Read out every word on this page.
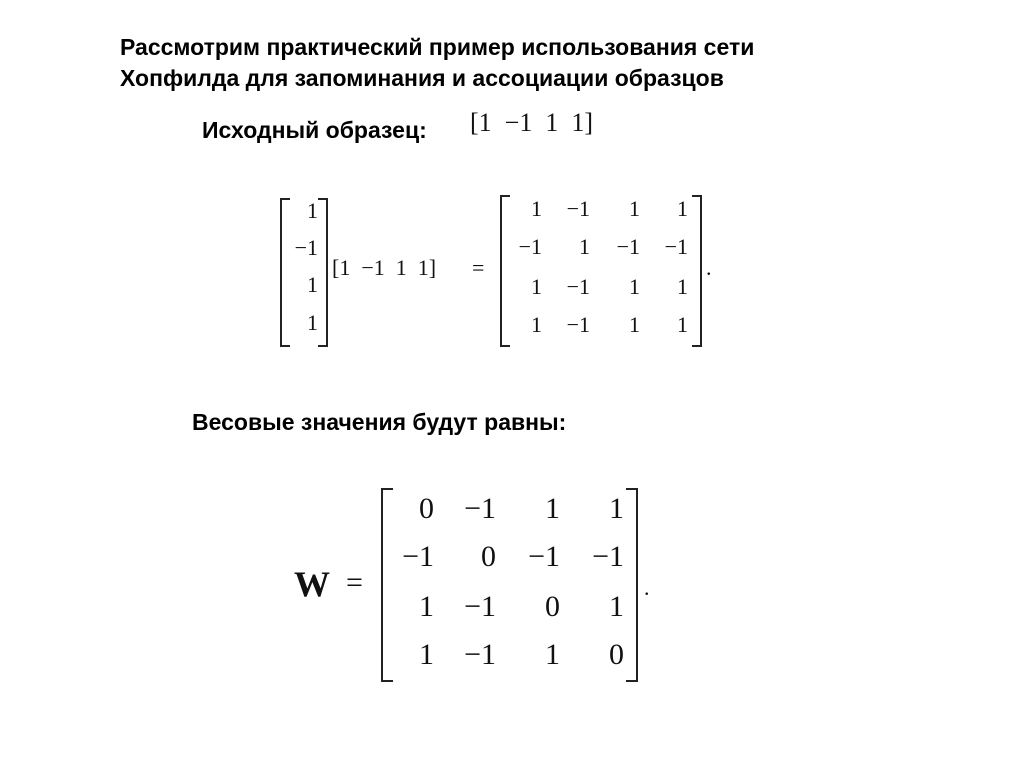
Рассмотрим практический пример использования сети
Хопфилда для запоминания и ассоциации образцов
Исходный образец: [1  −1  1  1]
1
−1
1
1
[1  −1  1  1] =
1 −1 1 1
−1 1 −1 −1
1 −1 1 1
1 −1 1 1
.
Весовые значения будут равны:
W =
0 −1 1 1
−1 0 −1 −1
1 −1 0 1
1 −1 1 0
.
